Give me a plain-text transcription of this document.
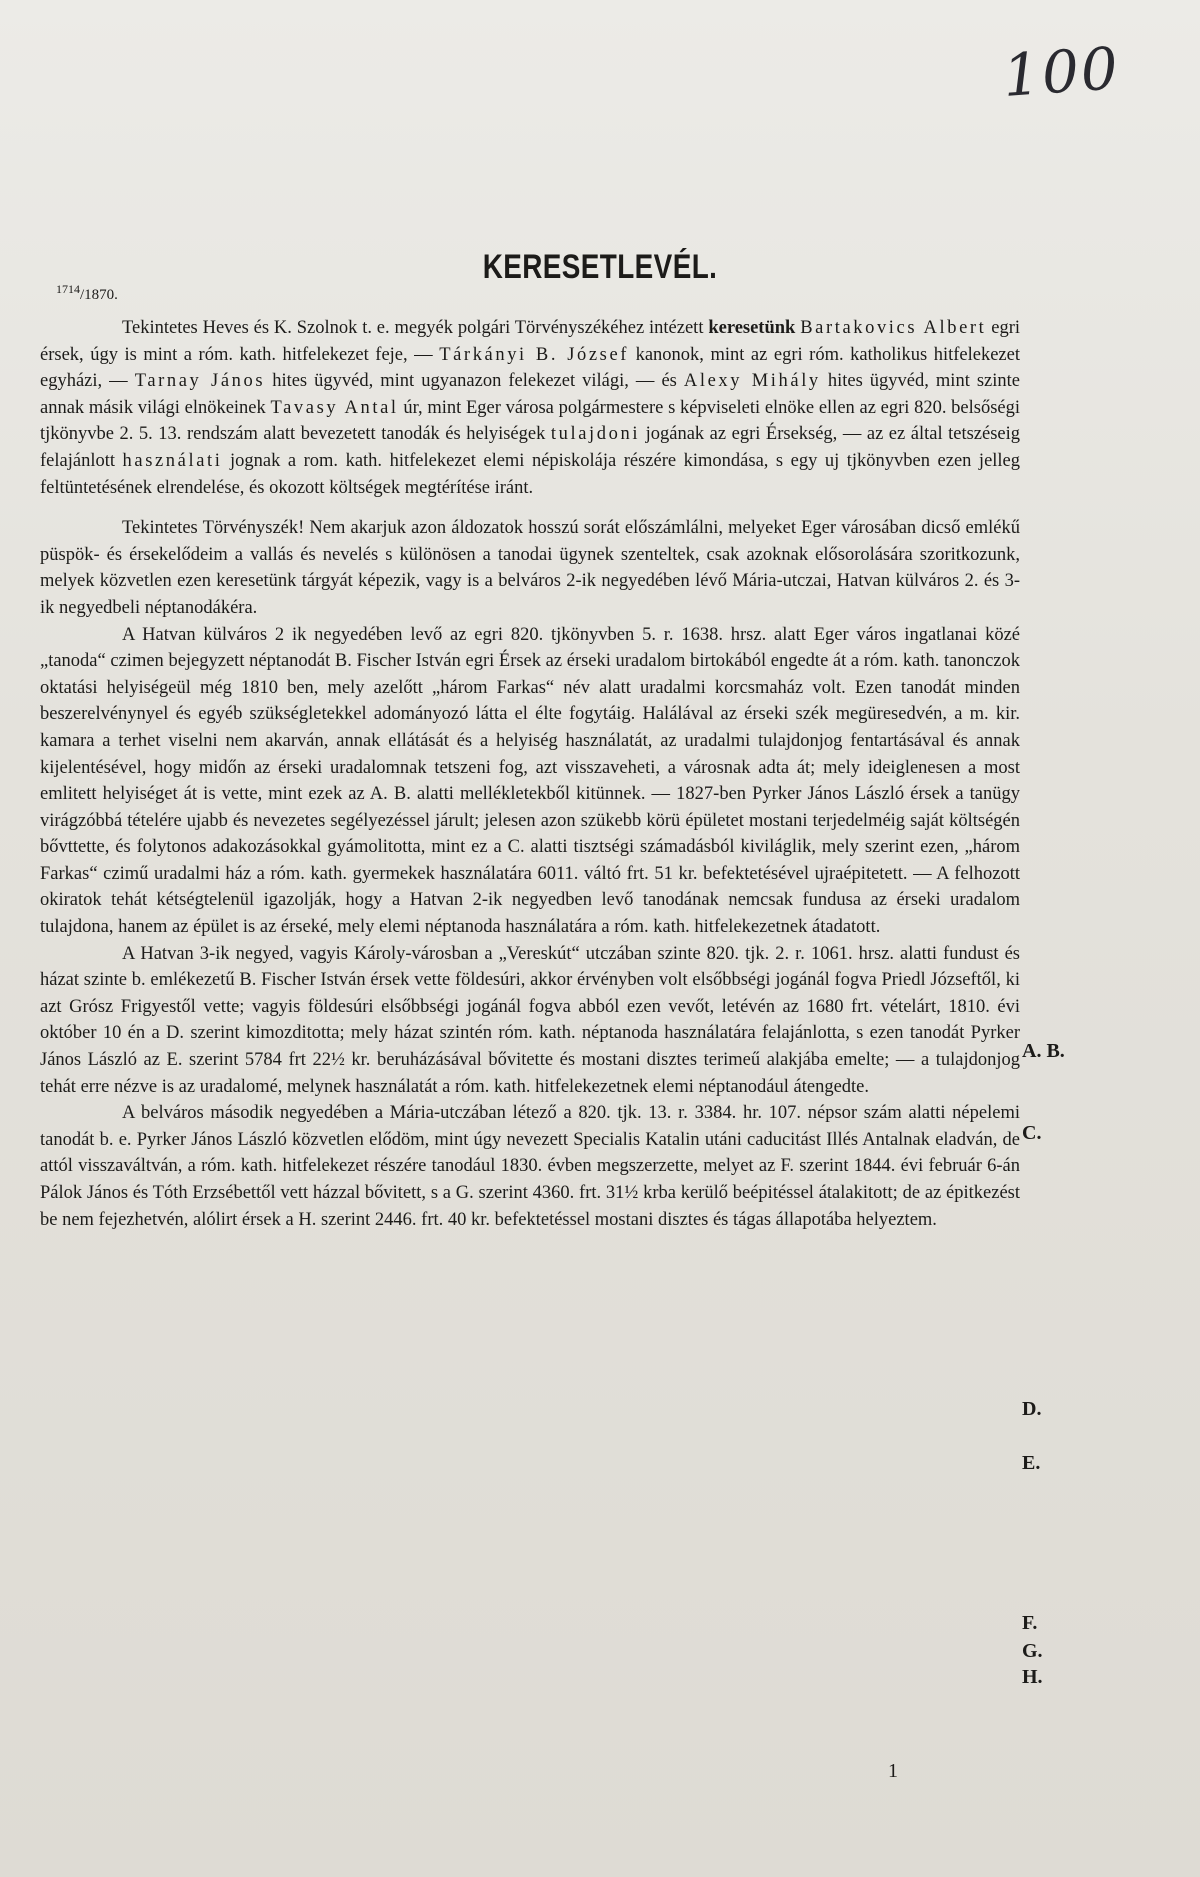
100
$^{1714}$/1870.
KERESETLEVÉL.

Tekintetes Heves és K. Szolnok t. e. megyék polgári Törvényszékéhez intézett keresetünk Bartakovics Albert egri érsek, úgy is mint a róm. kath. hitfelekezet feje, — Tárkányi B. József kanonok, mint az egri róm. katholikus hitfelekezet egyházi, — Tarnay János hites ügyvéd, mint ugyanazon felekezet világi, — és Alexy Mihály hites ügyvéd, mint szinte annak másik világi elnökeinek Tavasy Antal úr, mint Eger városa polgármestere s képviseleti elnöke ellen az egri 820. belsőségi tjkönyvbe 2. 5. 13. rendszám alatt bevezetett tanodák és helyiségek tulajdoni jogának az egri Érsekség, — az ez által tetszéseig felajánlott használati jognak a rom. kath. hitfelekezet elemi népiskolája részére kimondása, s egy uj tjkönyvben ezen jelleg feltüntetésének elrendelése, és okozott költségek megtérítése iránt.

Tekintetes Törvényszék! Nem akarjuk azon áldozatok hosszú sorát előszámlálni, melyeket Eger városában dicső emlékű püspök- és érsekelődeim a vallás és nevelés s különösen a tanodai ügynek szenteltek, csak azoknak elősorolására szoritkozunk, melyek közvetlen ezen keresetünk tárgyát képezik, vagy is a belváros 2-ik negyedében lévő Mária-utczai, Hatvan külváros 2. és 3-ik negyedbeli néptanodákéra.

A Hatvan külváros 2 ik negyedében levő az egri 820. tjkönyvben 5. r. 1638. hrsz. alatt Eger város ingatlanai közé „tanoda“ czimen bejegyzett néptanodát B. Fischer István egri Érsek az érseki uradalom birtokából engedte át a róm. kath. tanonczok oktatási helyiségeül még 1810 ben, mely azelőtt „három Farkas“ név alatt uradalmi korcsmaház volt. Ezen tanodát minden beszerelvénynyel és egyéb szükségletekkel adományozó látta el élte fogytáig. Halálával az érseki szék megüresedvén, a m. kir. kamara a terhet viselni nem akarván, annak ellátását és a helyiség használatát, az uradalmi tulajdonjog fentartásával és annak kijelentésével, hogy midőn az érseki uradalomnak tetszeni fog, azt visszaveheti, a városnak adta át; mely ideiglenesen a most emlitett helyiséget át is vette, mint ezek az A. B. alatti mellékletekből kitünnek. — 1827-ben Pyrker János László érsek a tanügy virágzóbbá tételére ujabb és nevezetes segélyezéssel járult; jelesen azon szükebb körü épületet mostani terjedelméig saját költségén bővttette, és folytonos adakozásokkal gyámolitotta, mint ez a C. alatti tisztségi számadásból kiviláglik, mely szerint ezen, „három Farkas“ czimű uradalmi ház a róm. kath. gyermekek használatára 6011. váltó frt. 51 kr. befektetésével ujraépitetett. — A felhozott okiratok tehát kétségtelenül igazolják, hogy a Hatvan 2-ik negyedben levő tanodának nemcsak fundusa az érseki uradalom tulajdona, hanem az épület is az érseké, mely elemi néptanoda használatára a róm. kath. hitfelekezetnek átadatott.

A Hatvan 3-ik negyed, vagyis Károly-városban a „Vereskút“ utczában szinte 820. tjk. 2. r. 1061. hrsz. alatti fundust és házat szinte b. emlékezetű B. Fischer István érsek vette földesúri, akkor érvényben volt elsőbbségi jogánál fogva Priedl Józseftől, ki azt Grósz Frigyestől vette; vagyis földesúri elsőbbségi jogánál fogva abból ezen vevőt, letévén az 1680 frt. vételárt, 1810. évi október 10 én a D. szerint kimozditotta; mely házat szintén róm. kath. néptanoda használatára felajánlotta, s ezen tanodát Pyrker János László az E. szerint 5784 frt 22½ kr. beruházásával bővitette és mostani disztes terimeű alakjába emelte; — a tulajdonjog tehát erre nézve is az uradalomé, melynek használatát a róm. kath. hitfelekezetnek elemi néptanodául átengedte.

A belváros második negyedében a Mária-utczában létező a 820. tjk. 13. r. 3384. hr. 107. népsor szám alatti népelemi tanodát b. e. Pyrker János László közvetlen elődöm, mint úgy nevezett Specialis Katalin utáni caducitást Illés Antalnak eladván, de attól visszaváltván, a róm. kath. hitfelekezet részére tanodául 1830. évben megszerzette, melyet az F. szerint 1844. évi február 6-án Pálok János és Tóth Erzsébettől vett házzal bővitett, s a G. szerint 4360. frt. 31½ krba kerülő beépitéssel átalakitott; de az épitkezést be nem fejezhetvén, alólirt érsek a H. szerint 2446. frt. 40 kr. befektetéssel mostani disztes és tágas állapotába helyeztem.

A. B.
C.
D.
E.
F.
G.
H.
1
